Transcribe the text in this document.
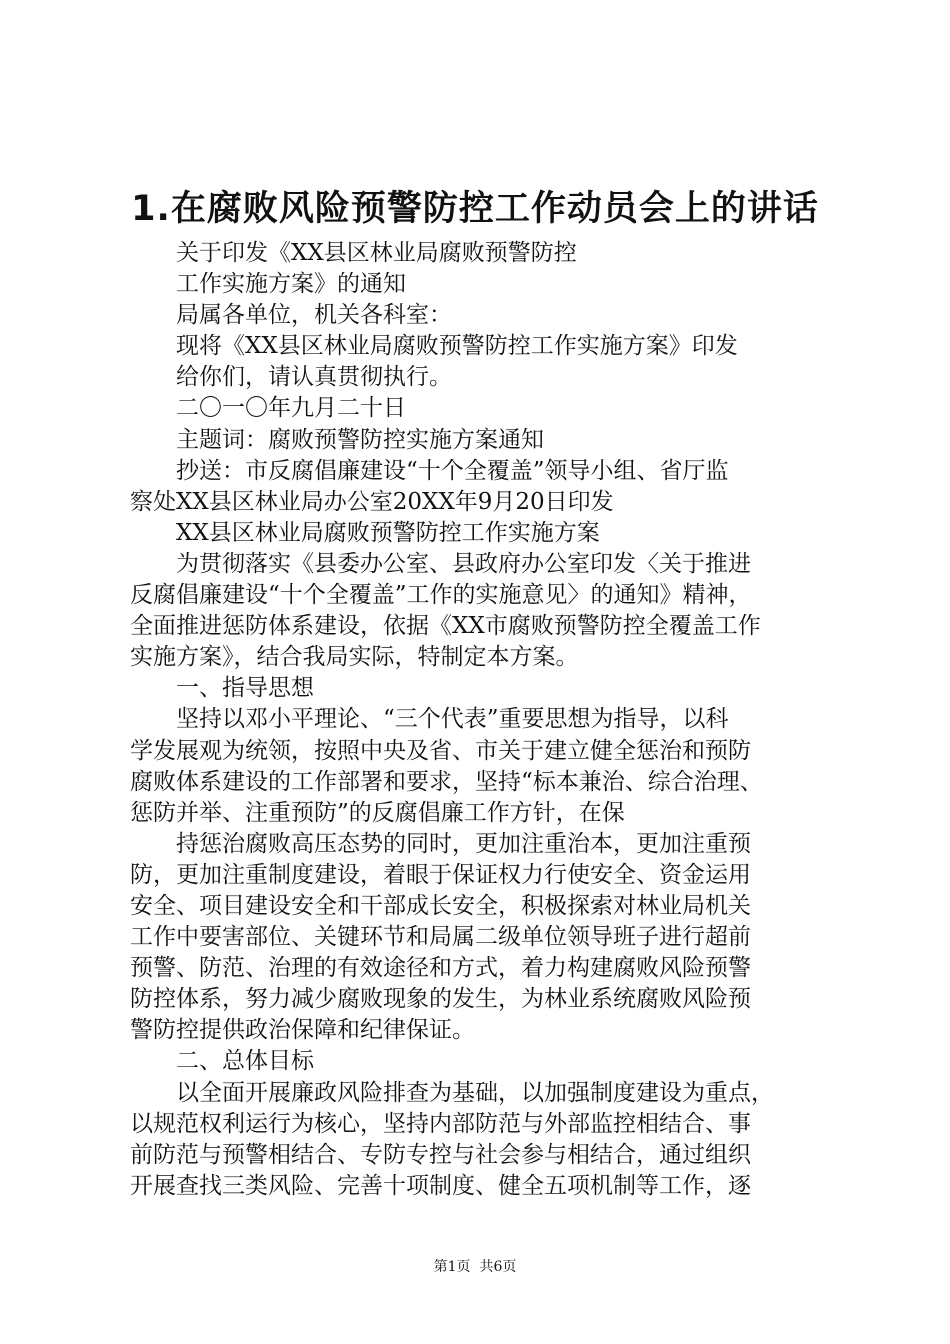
1.在腐败风险预警防控工作动员会上的讲话
关于印发《XX县区林业局腐败预警防控
工作实施方案》的通知
局属各单位，机关各科室：
现将《XX县区林业局腐败预警防控工作实施方案》印发
给你们，请认真贯彻执行。
二〇一〇年九月二十日
主题词：腐败预警防控实施方案通知
抄送：市反腐倡廉建设“十个全覆盖”领导小组、省厅监
察处XX县区林业局办公室20XX年9月20日印发
XX县区林业局腐败预警防控工作实施方案
为贯彻落实《县委办公室、县政府办公室印发〈关于推进
反腐倡廉建设“十个全覆盖”工作的实施意见〉的通知》精神，
全面推进惩防体系建设，依据《XX市腐败预警防控全覆盖工作
实施方案》，结合我局实际，特制定本方案。
一、指导思想
坚持以邓小平理论、“三个代表”重要思想为指导，以科
学发展观为统领，按照中央及省、市关于建立健全惩治和预防
腐败体系建设的工作部署和要求，坚持“标本兼治、综合治理、
惩防并举、注重预防”的反腐倡廉工作方针，在保
持惩治腐败高压态势的同时，更加注重治本，更加注重预
防，更加注重制度建设，着眼于保证权力行使安全、资金运用
安全、项目建设安全和干部成长安全，积极探索对林业局机关
工作中要害部位、关键环节和局属二级单位领导班子进行超前
预警、防范、治理的有效途径和方式，着力构建腐败风险预警
防控体系，努力减少腐败现象的发生，为林业系统腐败风险预
警防控提供政治保障和纪律保证。
二、总体目标
以全面开展廉政风险排查为基础，以加强制度建设为重点，
以规范权利运行为核心，坚持内部防范与外部监控相结合、事
前防范与预警相结合、专防专控与社会参与相结合，通过组织
开展查找三类风险、完善十项制度、健全五项机制等工作，逐
第1页  共6页
